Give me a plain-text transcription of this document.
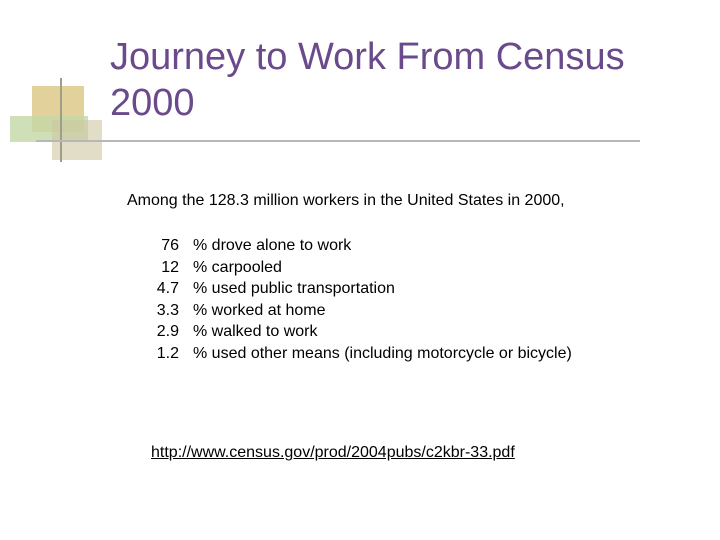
Journey to Work From Census 2000

Among the 128.3 million workers in the United States in 2000,

76	% drove alone to work
12	% carpooled
4.7	% used public transportation
3.3	% worked at home
2.9	% walked to work
1.2	% used other means (including motorcycle or bicycle)
http://www.census.gov/prod/2004pubs/c2kbr-33.pdf
